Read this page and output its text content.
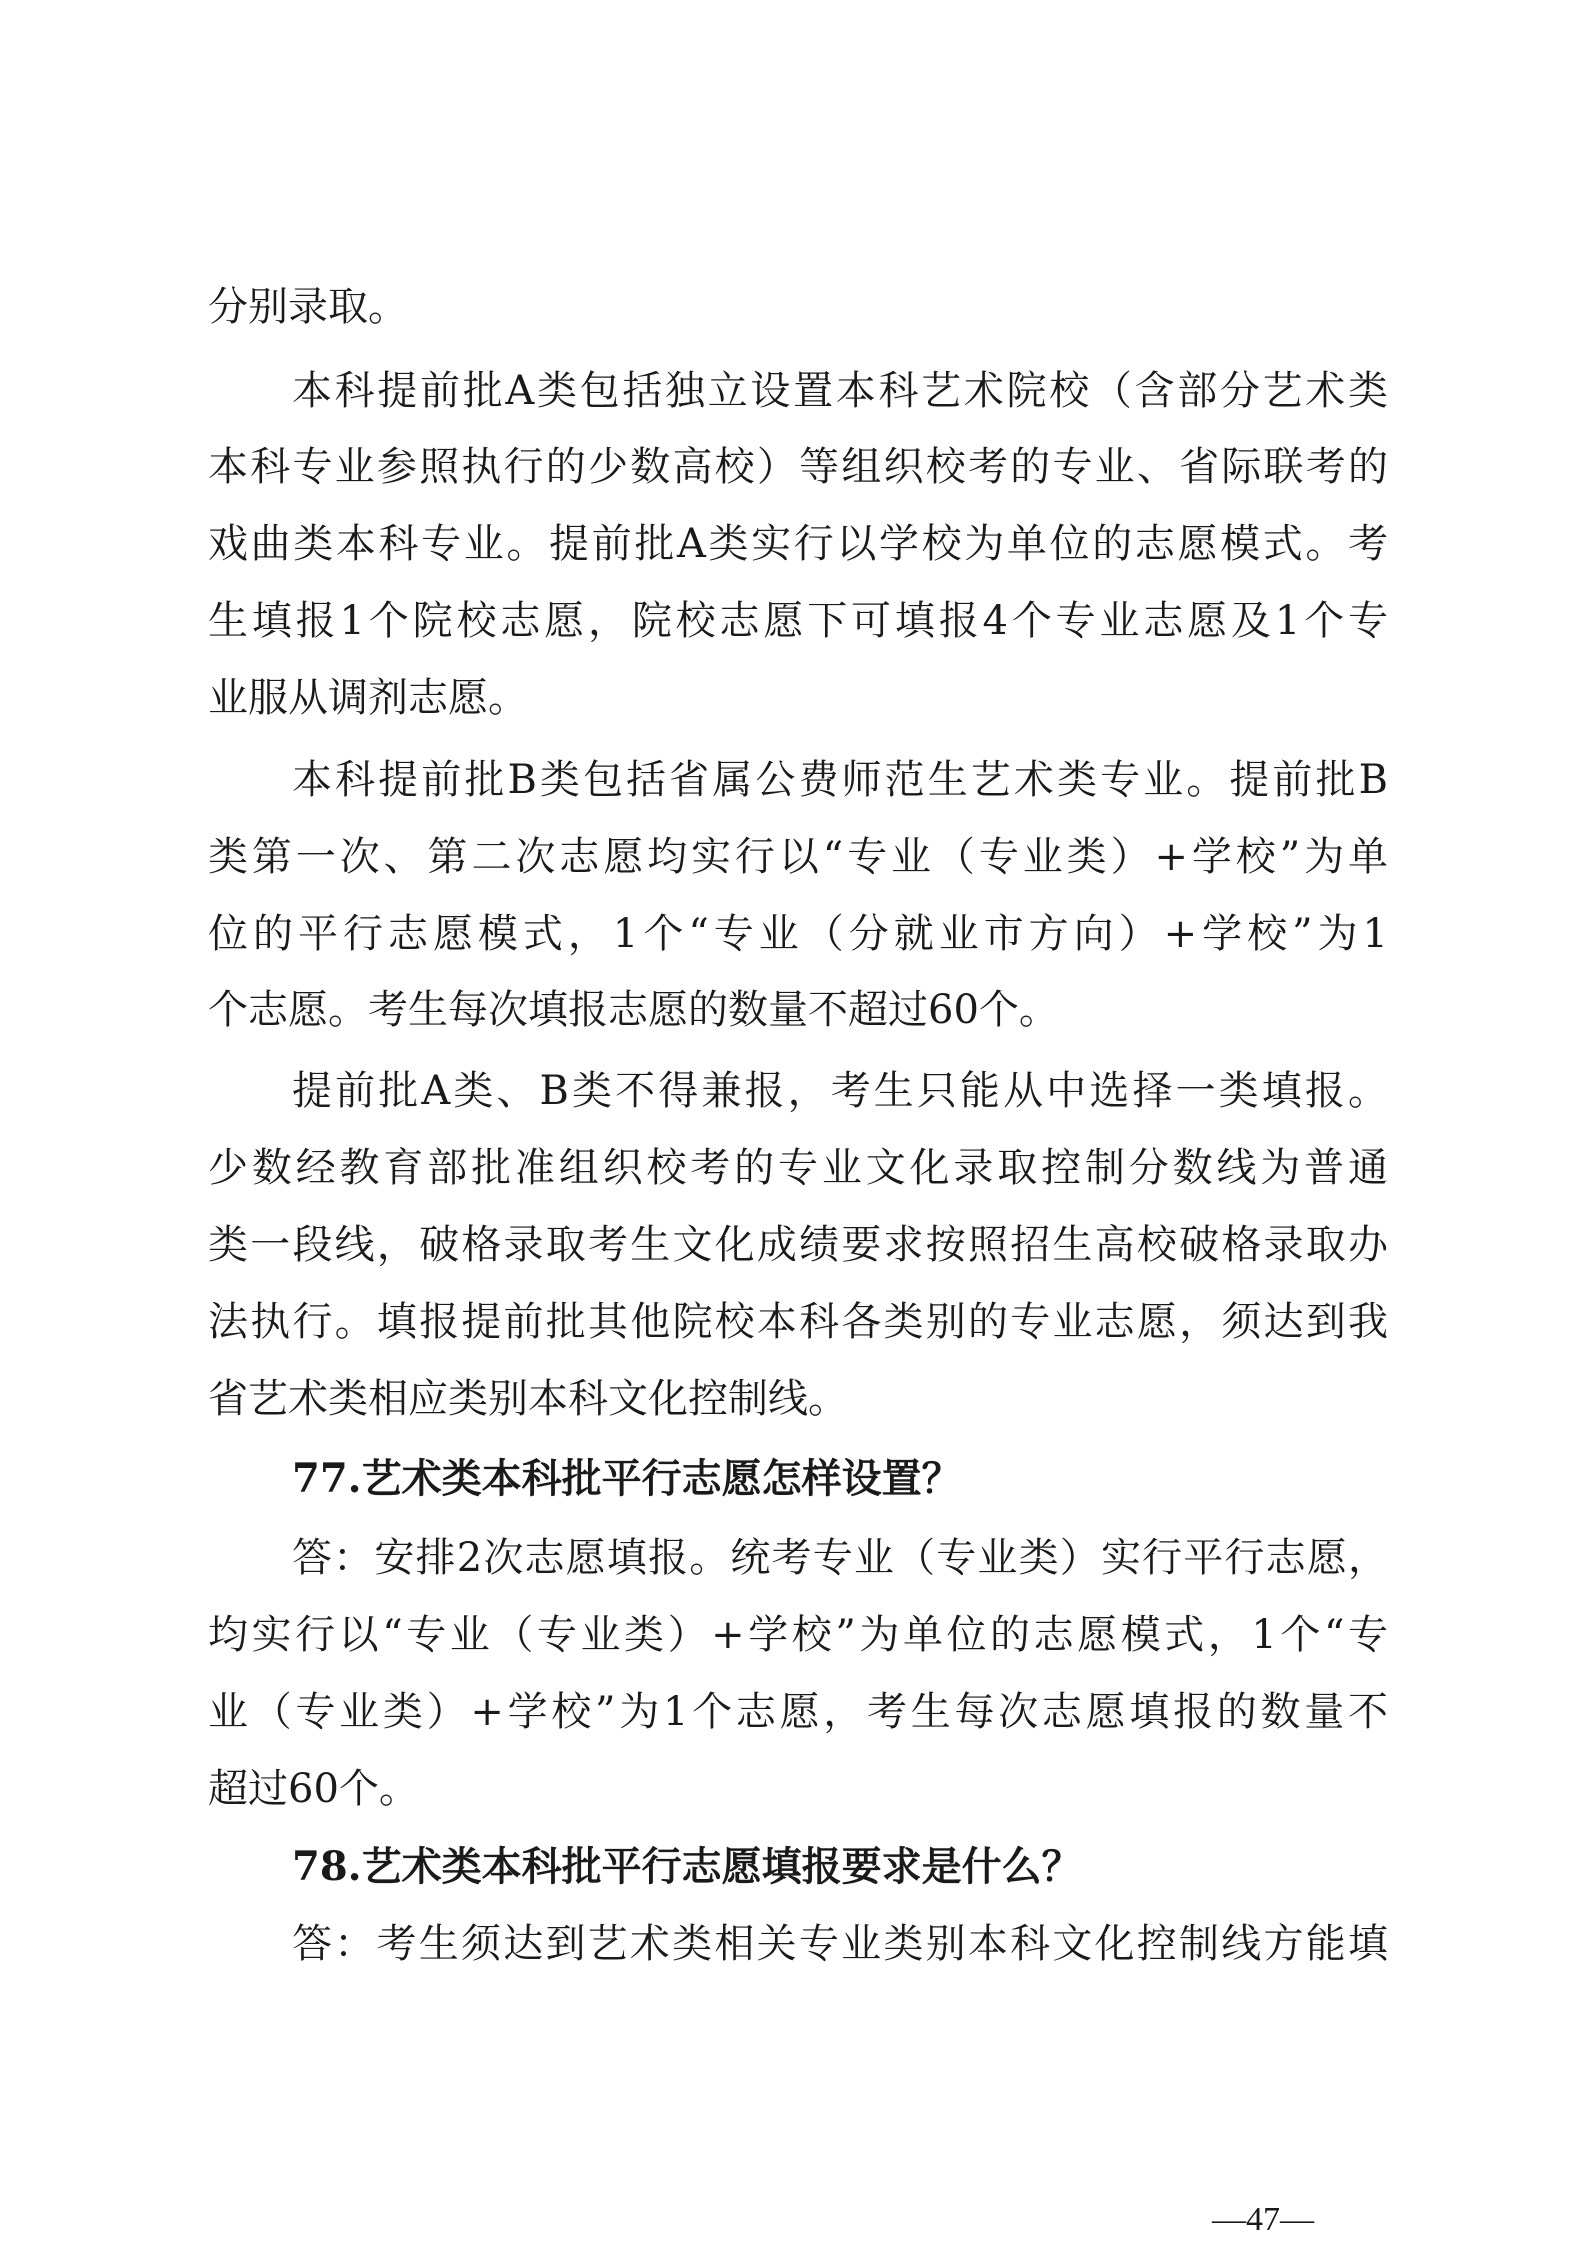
分别录取。
本科提前批A类包括独立设置本科艺术院校（含部分艺术类
本科专业参照执行的少数高校）等组织校考的专业、省际联考的
戏曲类本科专业。提前批A类实行以学校为单位的志愿模式。考
生填报1个院校志愿，院校志愿下可填报4个专业志愿及1个专
业服从调剂志愿。
本科提前批B类包括省属公费师范生艺术类专业。提前批B
类第一次、第二次志愿均实行以“专业（专业类）+学校”为单
位的平行志愿模式，1个“专业（分就业市方向）+学校”为1
个志愿。考生每次填报志愿的数量不超过60个。
提前批A类、B类不得兼报，考生只能从中选择一类填报。
少数经教育部批准组织校考的专业文化录取控制分数线为普通
类一段线，破格录取考生文化成绩要求按照招生高校破格录取办
法执行。填报提前批其他院校本科各类别的专业志愿，须达到我
省艺术类相应类别本科文化控制线。
77.艺术类本科批平行志愿怎样设置？
答：安排2次志愿填报。统考专业（专业类）实行平行志愿，
均实行以“专业（专业类）+学校”为单位的志愿模式，1个“专
业（专业类）+学校”为1个志愿，考生每次志愿填报的数量不
超过60个。
78.艺术类本科批平行志愿填报要求是什么？
答：考生须达到艺术类相关专业类别本科文化控制线方能填
—47—
